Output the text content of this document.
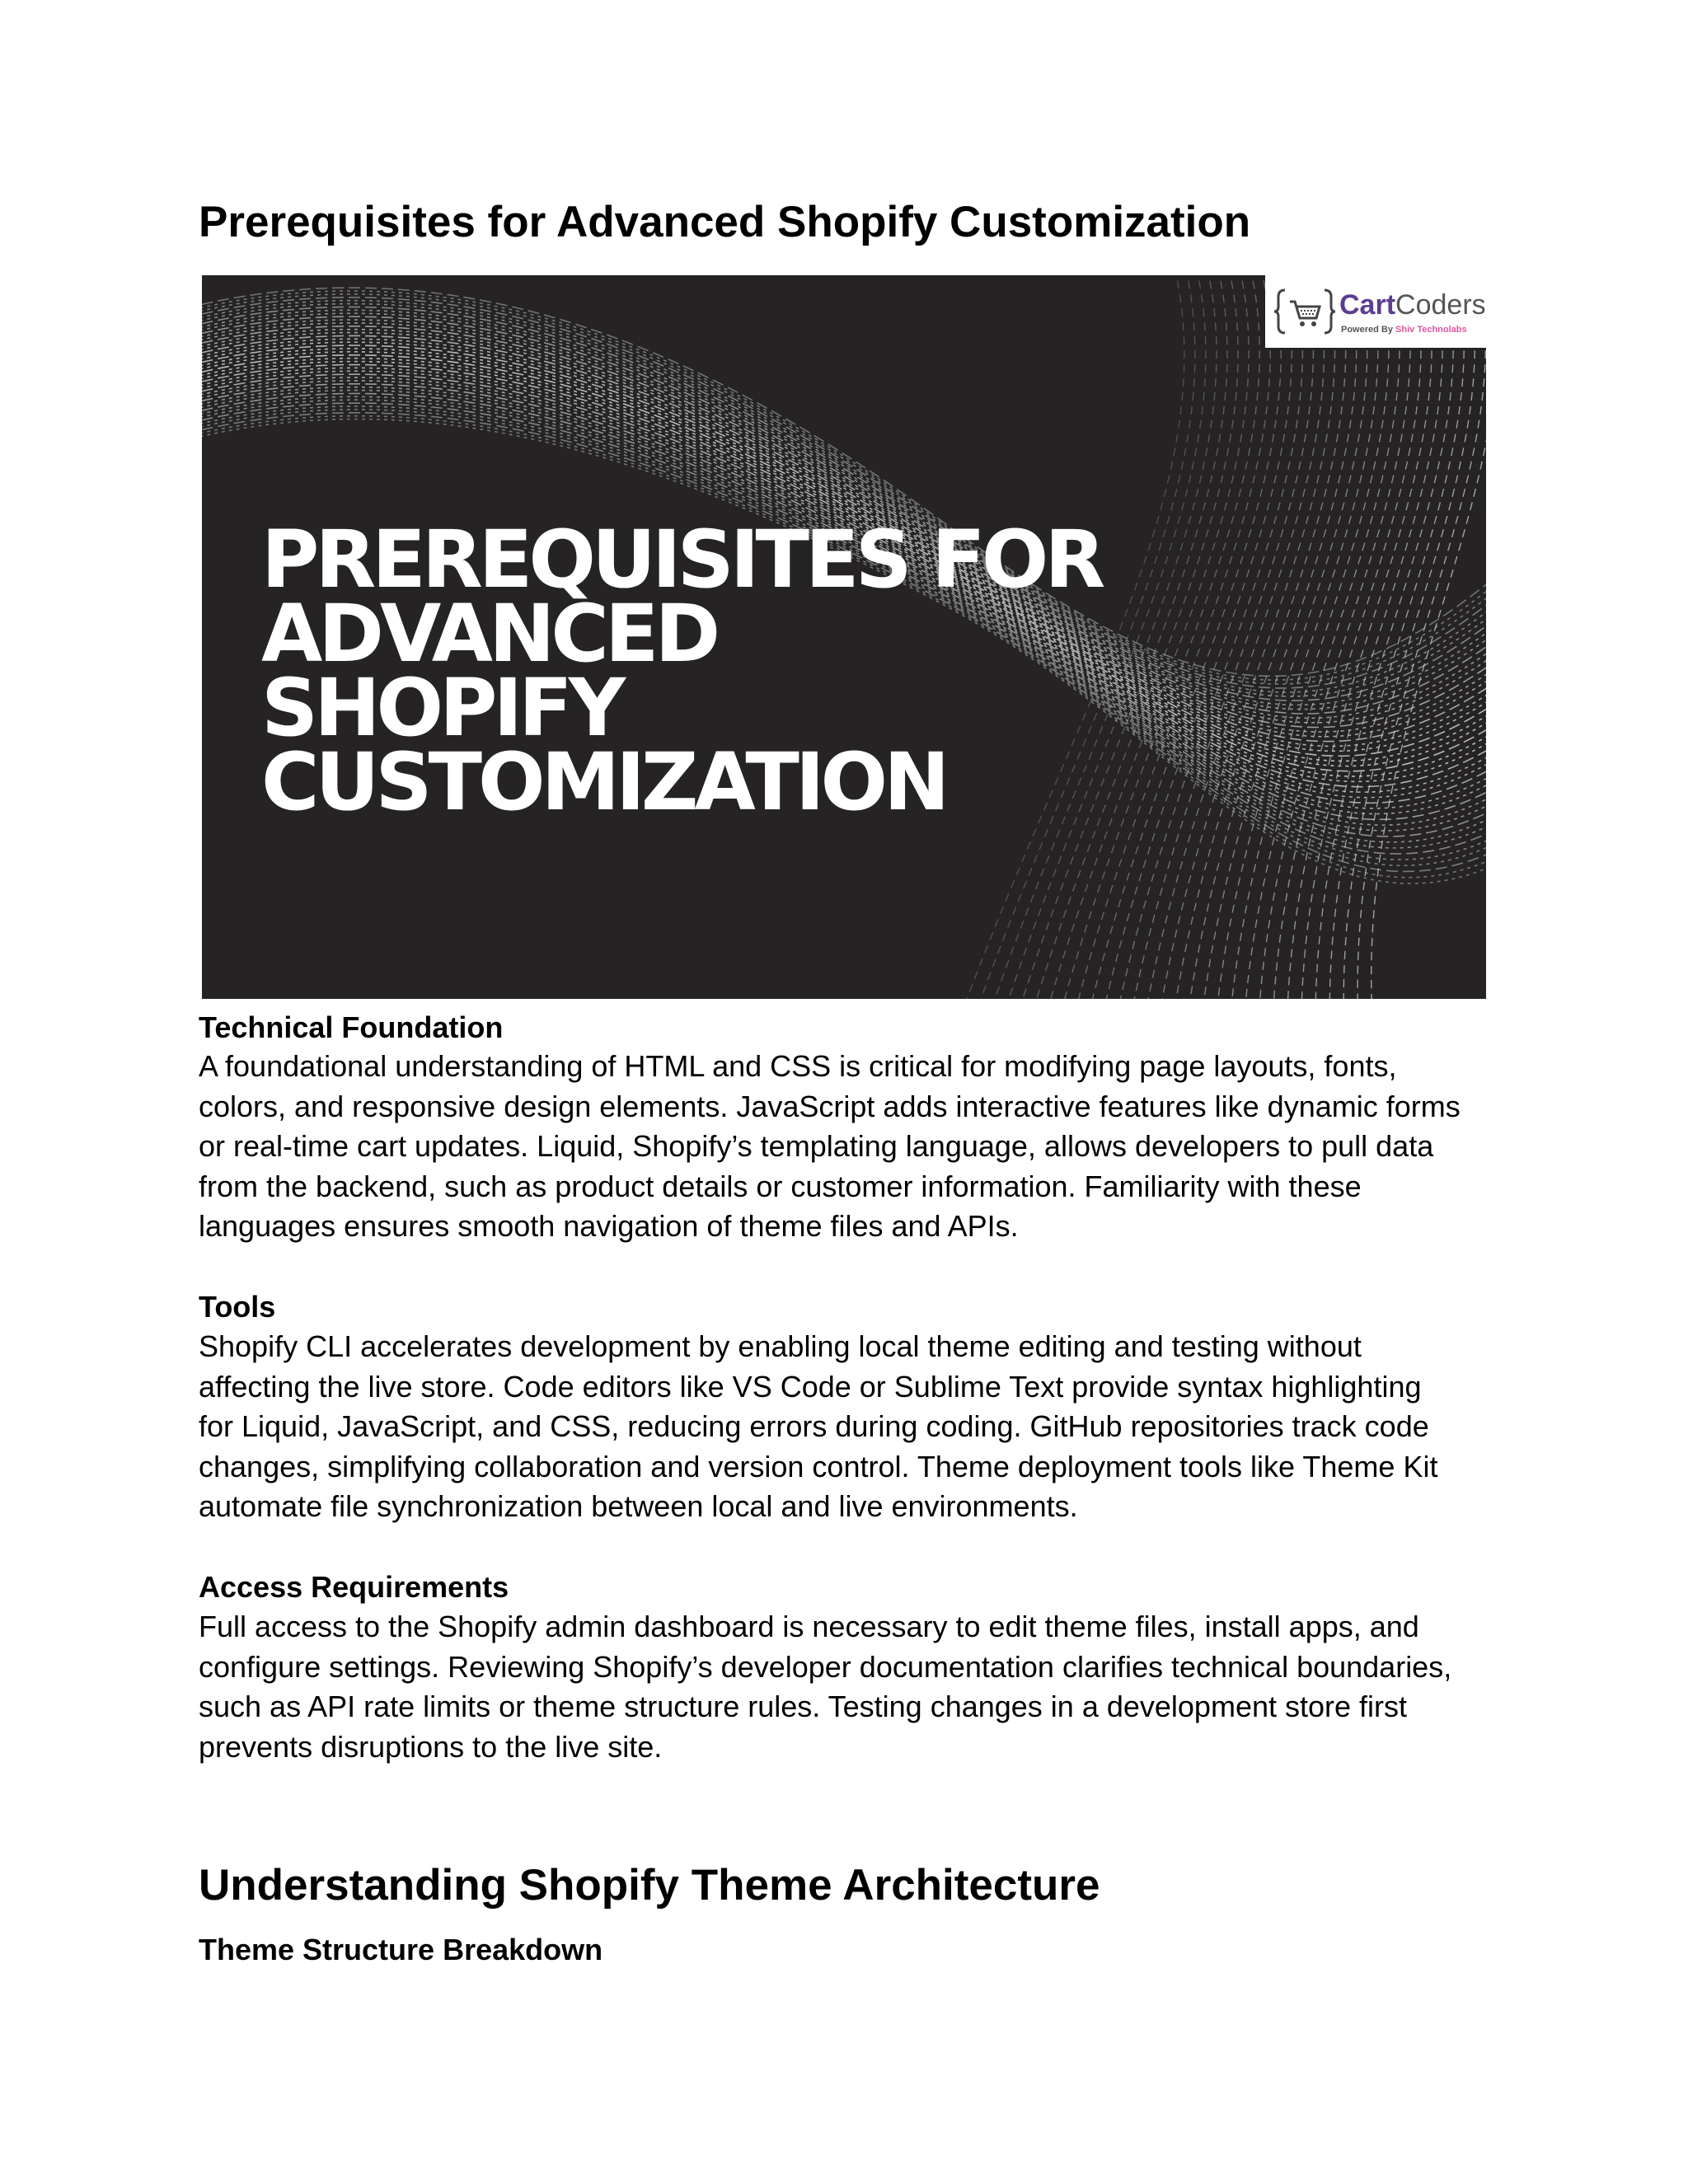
Prerequisites for Advanced Shopify Customization
PREREQUISITES FOR
ADVANCED
SHOPIFY
CUSTOMIZATION
CartCoders
Powered By Shiv Technolabs
Technical Foundation

A foundational understanding of HTML and CSS is critical for modifying page layouts, fonts,
colors, and responsive design elements. JavaScript adds interactive features like dynamic forms
or real-time cart updates. Liquid, Shopify’s templating language, allows developers to pull data
from the backend, such as product details or customer information. Familiarity with these
languages ensures smooth navigation of theme files and APIs.

Tools

Shopify CLI accelerates development by enabling local theme editing and testing without
affecting the live store. Code editors like VS Code or Sublime Text provide syntax highlighting
for Liquid, JavaScript, and CSS, reducing errors during coding. GitHub repositories track code
changes, simplifying collaboration and version control. Theme deployment tools like Theme Kit
automate file synchronization between local and live environments.

Access Requirements

Full access to the Shopify admin dashboard is necessary to edit theme files, install apps, and
configure settings. Reviewing Shopify’s developer documentation clarifies technical boundaries,
such as API rate limits or theme structure rules. Testing changes in a development store first
prevents disruptions to the live site.

Understanding Shopify Theme Architecture
Theme Structure Breakdown
